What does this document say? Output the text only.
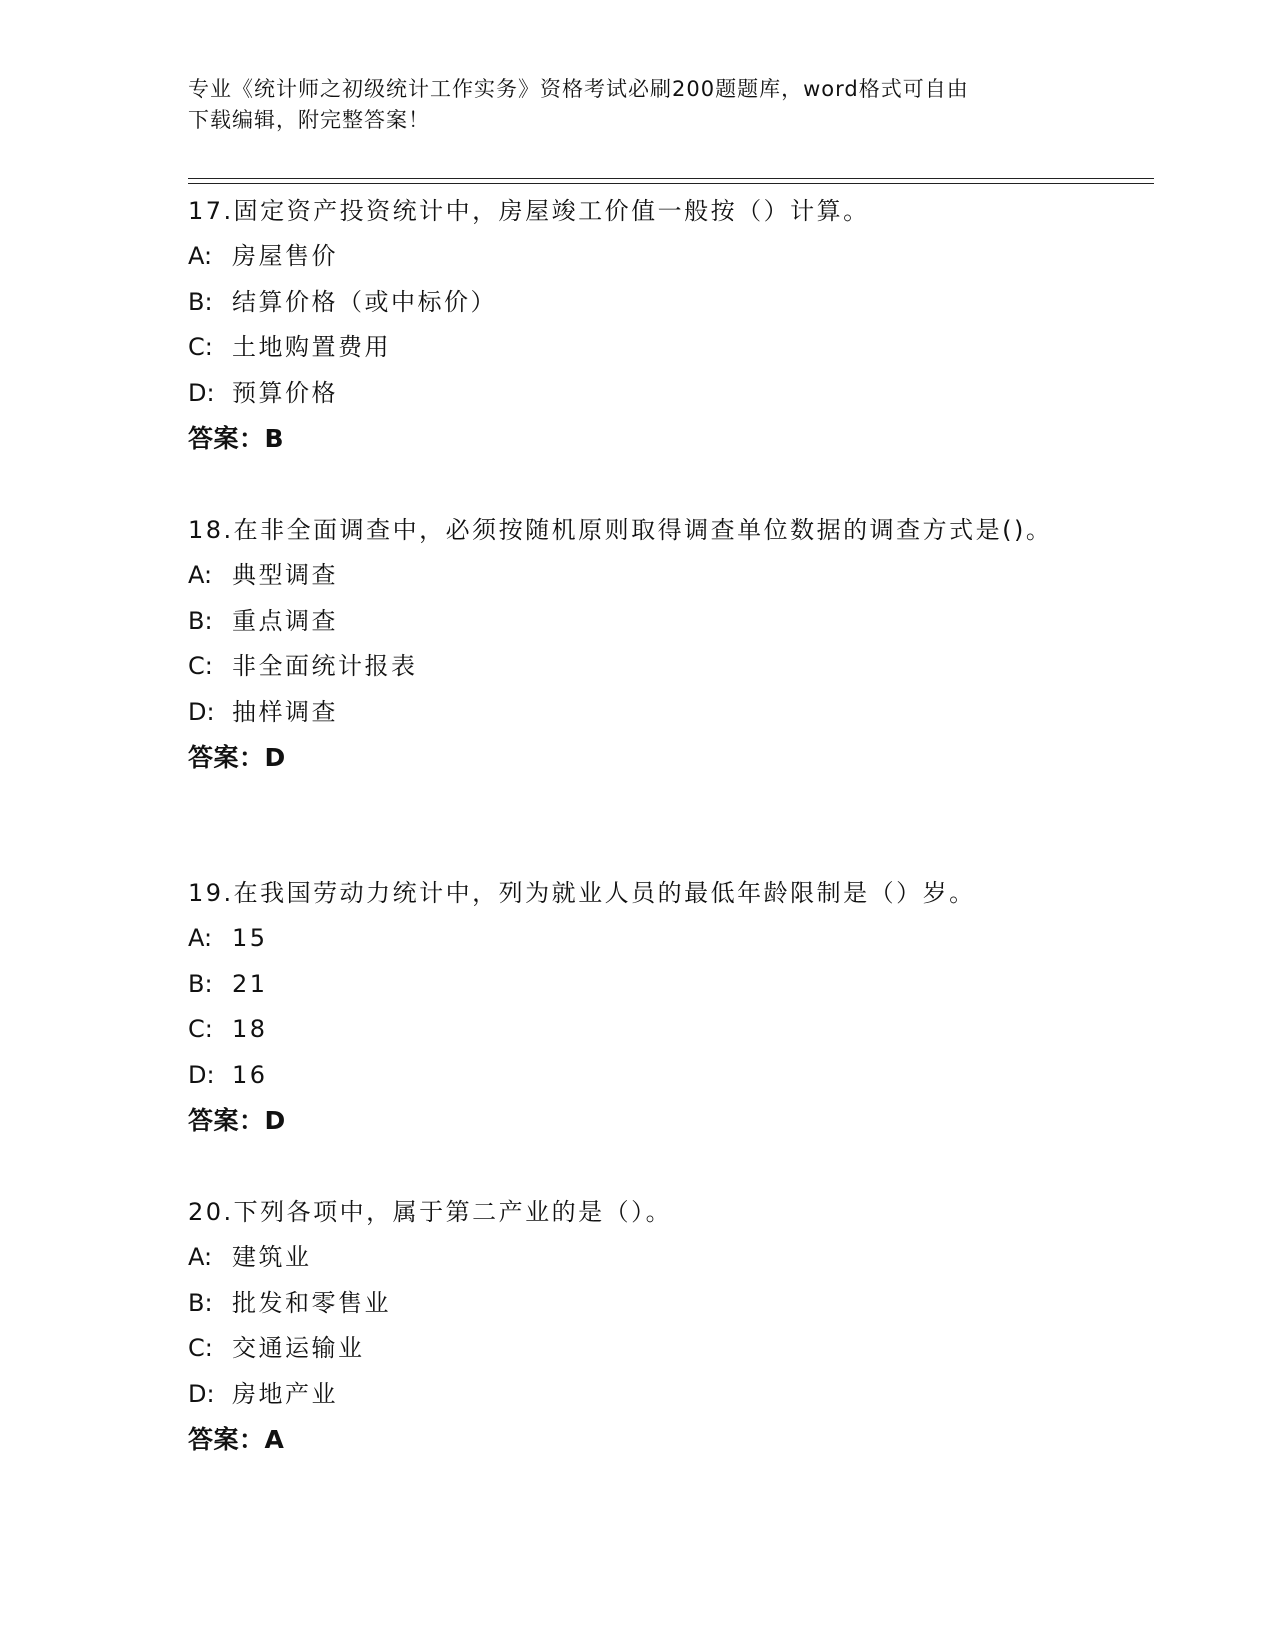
专业《统计师之初级统计工作实务》资格考试必刷200题题库，word格式可自由
下载编辑，附完整答案！

17.固定资产投资统计中，房屋竣工价值一般按（）计算。

A: 房屋售价

B: 结算价格（或中标价）

C: 土地购置费用

D: 预算价格

答案：B

18.在非全面调查中，必须按随机原则取得调查单位数据的调查方式是()。

A: 典型调查

B: 重点调查

C: 非全面统计报表

D: 抽样调查

答案：D

19.在我国劳动力统计中，列为就业人员的最低年龄限制是（）岁。

A: 15

B: 21

C: 18

D: 16

答案：D

20.下列各项中，属于第二产业的是（）。

A: 建筑业

B: 批发和零售业

C: 交通运输业

D: 房地产业

答案：A
